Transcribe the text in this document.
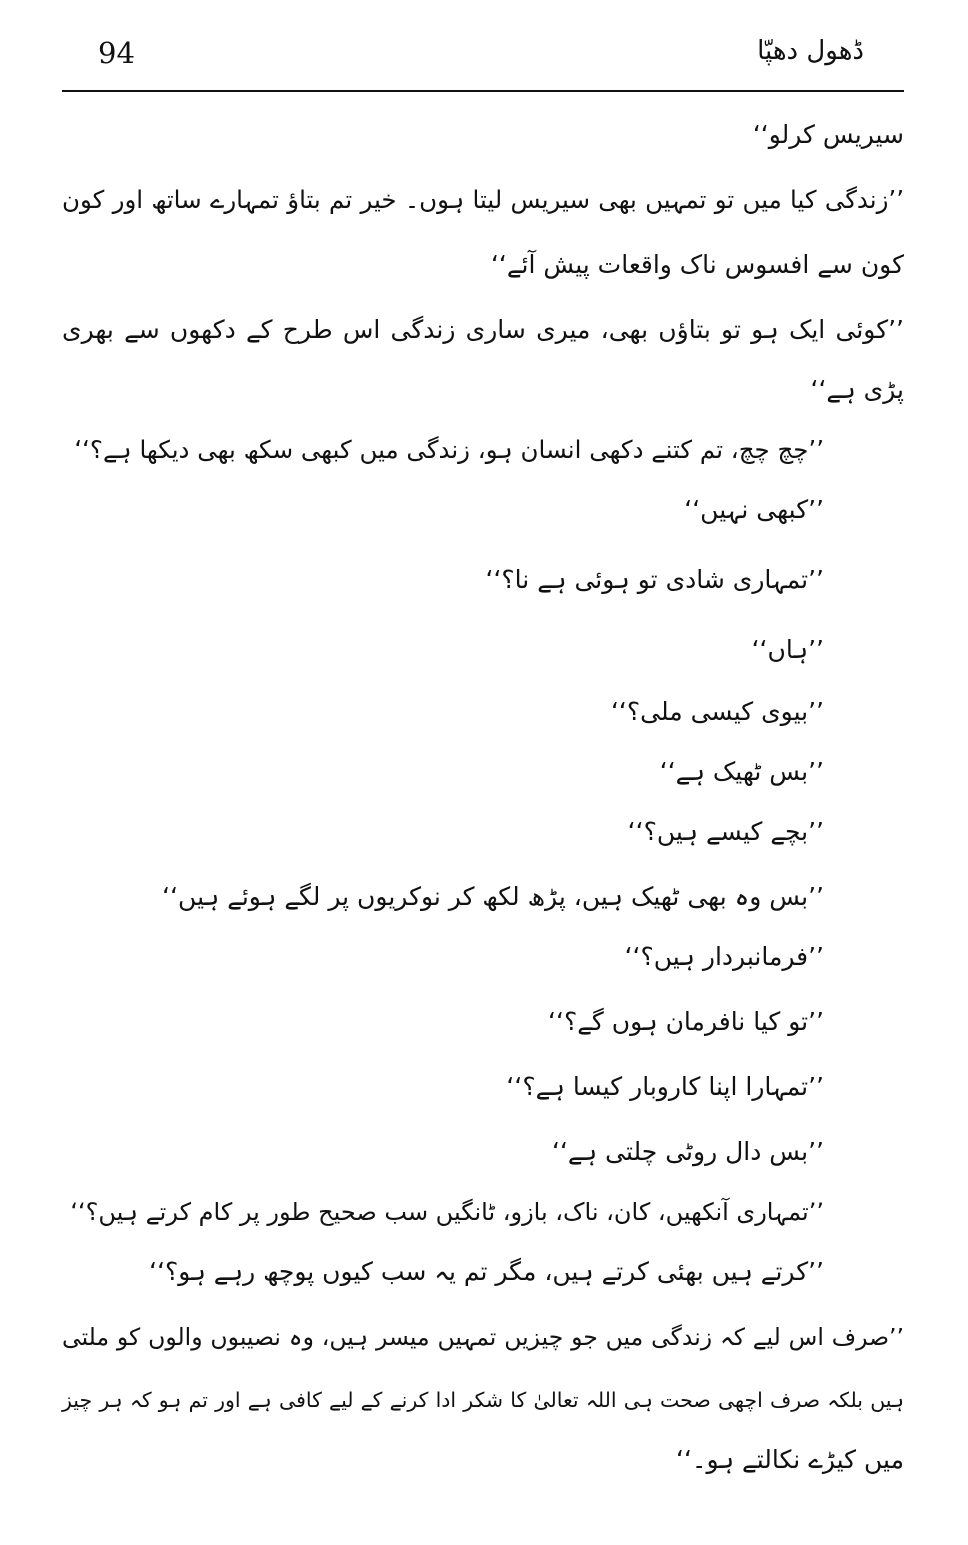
94	ڈھول دھپّا
سیریس کرلو‘‘
’’زندگی کیا میں تو تمہیں بھی سیریس لیتا ہوں۔ خیر تم بتاؤ تمہارے ساتھ اور کون
کون سے افسوس ناک واقعات پیش آئے‘‘
’’کوئی ایک ہو تو بتاؤں بھی، میری ساری زندگی اس طرح کے دکھوں سے بھری
پڑی ہے‘‘
’’چچ چچ، تم کتنے دکھی انسان ہو، زندگی میں کبھی سکھ بھی دیکھا ہے؟‘‘
’’کبھی نہیں‘‘
’’تمہاری شادی تو ہوئی ہے نا؟‘‘
’’ہاں‘‘
’’بیوی کیسی ملی؟‘‘
’’بس ٹھیک ہے‘‘
’’بچے کیسے ہیں؟‘‘
’’بس وہ بھی ٹھیک ہیں، پڑھ لکھ کر نوکریوں پر لگے ہوئے ہیں‘‘
’’فرمانبردار ہیں؟‘‘
’’تو کیا نافرمان ہوں گے؟‘‘
’’تمہارا اپنا کاروبار کیسا ہے؟‘‘
’’بس دال روٹی چلتی ہے‘‘
’’تمہاری آنکھیں، کان، ناک، بازو، ٹانگیں سب صحیح طور پر کام کرتے ہیں؟‘‘
’’کرتے ہیں بھئی کرتے ہیں، مگر تم یہ سب کیوں پوچھ رہے ہو؟‘‘
’’صرف اس لیے کہ زندگی میں جو چیزیں تمہیں میسر ہیں، وہ نصیبوں والوں کو ملتی
ہیں بلکہ صرف اچھی صحت ہی اللہ تعالیٰ کا شکر ادا کرنے کے لیے کافی ہے اور تم ہو کہ ہر چیز
میں کیڑے نکالتے ہو۔‘‘
